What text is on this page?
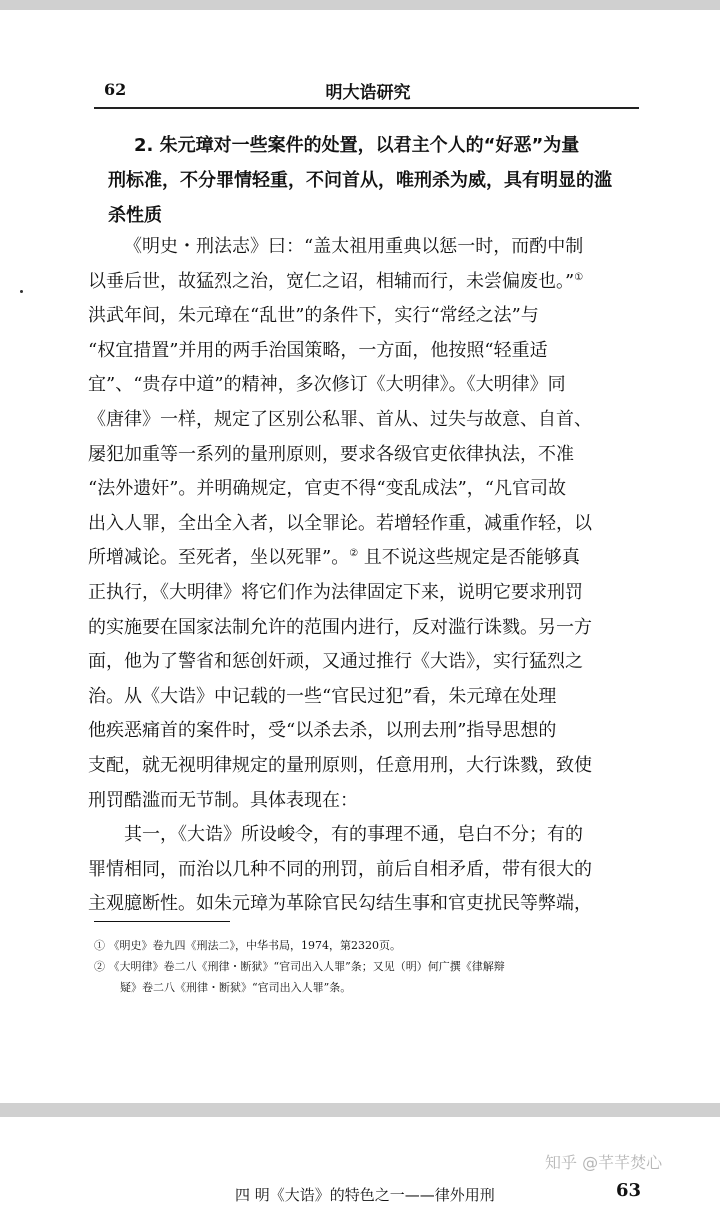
62	明大诰研究
2. 朱元璋对一些案件的处置，以君主个人的“好恶”为量
刑标准，不分罪情轻重，不问首从，唯刑杀为威，具有明显的滥
杀性质
《明史・刑法志》曰：“盖太祖用重典以惩一时，而酌中制
以垂后世，故猛烈之治，宽仁之诏，相辅而行，未尝偏废也。”①
洪武年间，朱元璋在“乱世”的条件下，实行“常经之法”与
“权宜措置”并用的两手治国策略，一方面，他按照“轻重适
宜”、“贵存中道”的精神，多次修订《大明律》。《大明律》同
《唐律》一样，规定了区别公私罪、首从、过失与故意、自首、
屡犯加重等一系列的量刑原则，要求各级官吏依律执法，不准
“法外遗奸”。并明确规定，官吏不得“变乱成法”，“凡官司故
出入人罪，全出全入者，以全罪论。若增轻作重，减重作轻，以
所增减论。至死者，坐以死罪”。② 且不说这些规定是否能够真
正执行，《大明律》将它们作为法律固定下来，说明它要求刑罚
的实施要在国家法制允许的范围内进行，反对滥行诛戮。另一方
面，他为了警省和惩创奸顽，又通过推行《大诰》，实行猛烈之
治。从《大诰》中记载的一些“官民过犯”看，朱元璋在处理
他疾恶痛首的案件时，受“以杀去杀，以刑去刑”指导思想的
支配，就无视明律规定的量刑原则，任意用刑，大行诛戮，致使
刑罚酷滥而无节制。具体表现在：
其一，《大诰》所设峻令，有的事理不通，皂白不分；有的
罪情相同，而治以几种不同的刑罚，前后自相矛盾，带有很大的
主观臆断性。如朱元璋为革除官民勾结生事和官吏扰民等弊端，
① 《明史》卷九四《刑法二》，中华书局，1974，第2320页。
② 《大明律》卷二八《刑律・断狱》“官司出入人罪”条；又见（明）何广撰《律解辩
疑》卷二八《刑律・断狱》“官司出入人罪”条。
知乎 @芊芊焚心
四 明《大诰》的特色之一——律外用刑	63
